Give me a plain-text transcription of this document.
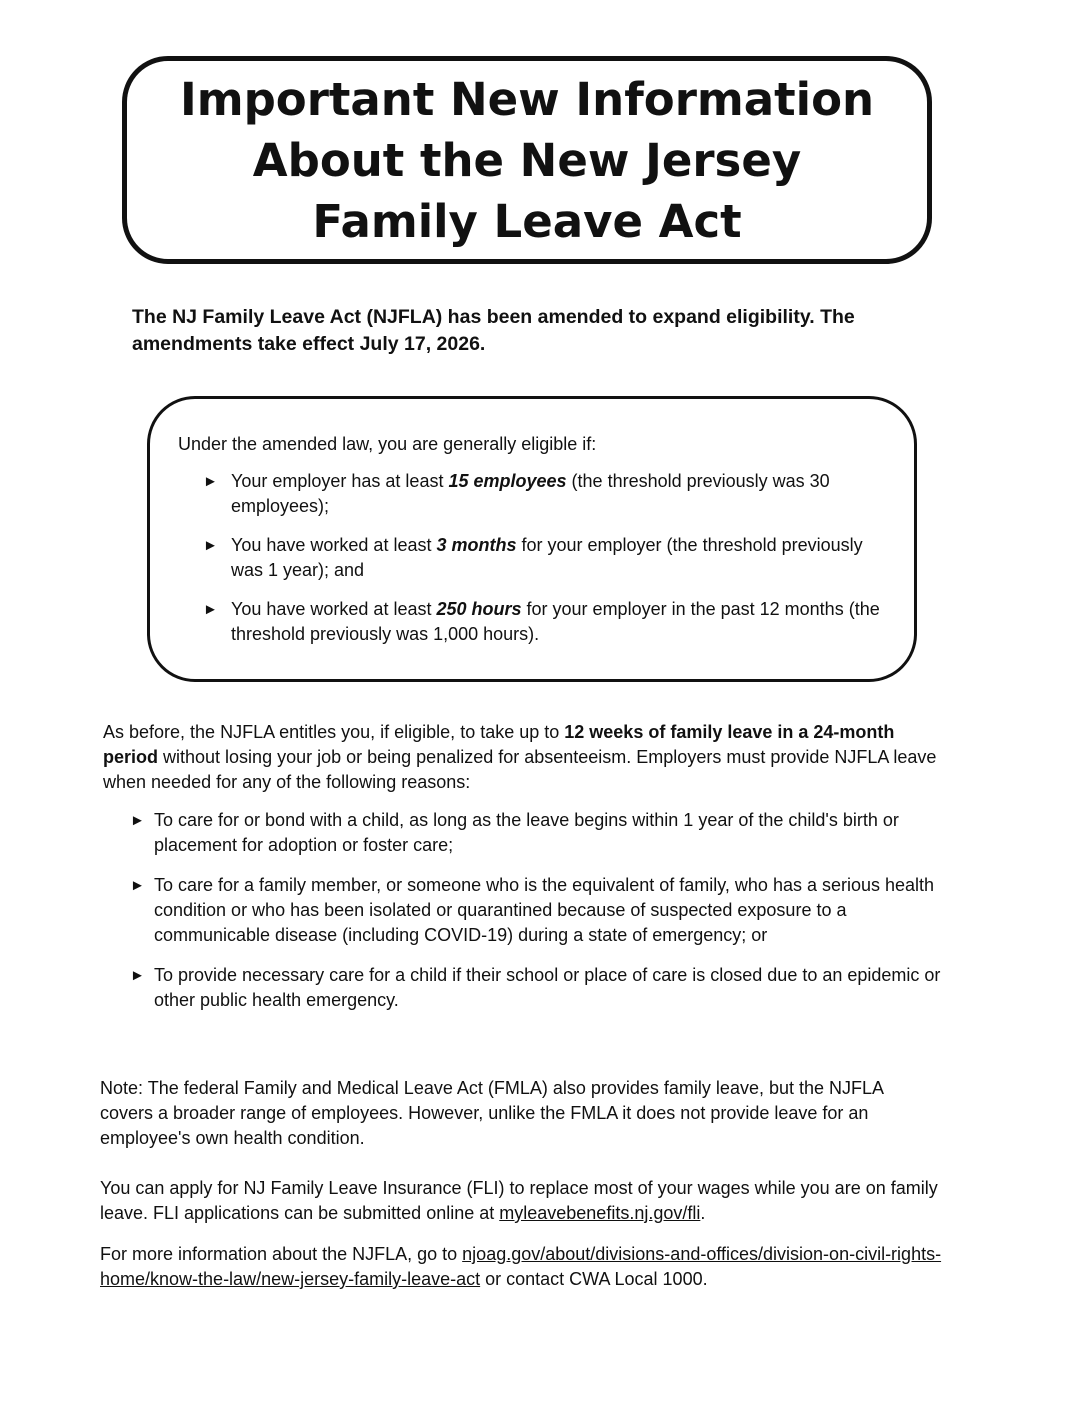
Important New Information
About the New Jersey
Family Leave Act
The NJ Family Leave Act (NJFLA) has been amended to expand eligibility. The amendments take effect July 17, 2026.
Under the amended law, you are generally eligible if:
► Your employer has at least 15 employees (the threshold previously was 30 employees);
► You have worked at least 3 months for your employer (the threshold previously was 1 year); and
► You have worked at least 250 hours for your employer in the past 12 months (the threshold previously was 1,000 hours).
As before, the NJFLA entitles you, if eligible, to take up to 12 weeks of family leave in a 24-month period without losing your job or being penalized for absenteeism. Employers must provide NJFLA leave when needed for any of the following reasons:
► To care for or bond with a child, as long as the leave begins within 1 year of the child's birth or placement for adoption or foster care;
► To care for a family member, or someone who is the equivalent of family, who has a serious health condition or who has been isolated or quarantined because of suspected exposure to a communicable disease (including COVID-19) during a state of emergency; or
► To provide necessary care for a child if their school or place of care is closed due to an epidemic or other public health emergency.
Note: The federal Family and Medical Leave Act (FMLA) also provides family leave, but the NJFLA covers a broader range of employees. However, unlike the FMLA it does not provide leave for an employee's own health condition.
You can apply for NJ Family Leave Insurance (FLI) to replace most of your wages while you are on family leave. FLI applications can be submitted online at myleavebenefits.nj.gov/fli.
For more information about the NJFLA, go to njoag.gov/about/divisions-and-offices/division-on-civil-rights-home/know-the-law/new-jersey-family-leave-act or contact CWA Local 1000.
